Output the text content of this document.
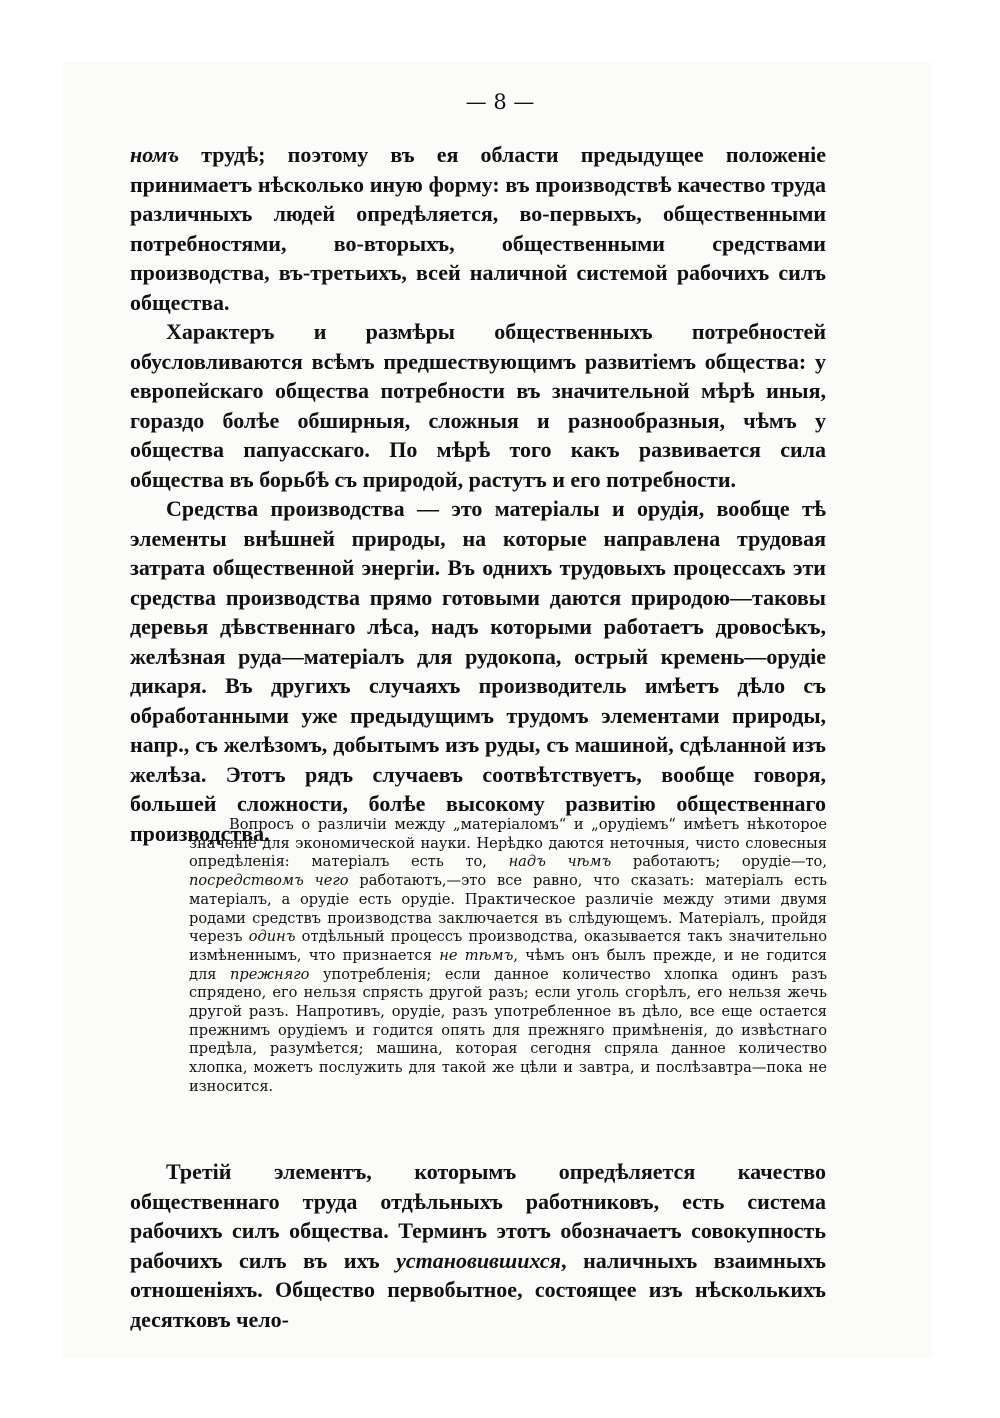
— 8 —

номъ трудѣ; поэтому въ ея области предыдущее положеніе принимаетъ нѣсколько иную форму: въ производствѣ качество труда различныхъ людей опредѣляется, во-первыхъ, общественными потребностями, во-вторыхъ, общественными средствами производства, въ-третьихъ, всей наличной системой рабочихъ силъ общества.

Характеръ и размѣры общественныхъ потребностей обусловливаются всѣмъ предшествующимъ развитіемъ общества: у европейскаго общества потребности въ значительной мѣрѣ иныя, гораздо болѣе обширныя, сложныя и разнообразныя, чѣмъ у общества папуасскаго. По мѣрѣ того какъ развивается сила общества въ борьбѣ съ природой, растутъ и его потребности.

Средства производства — это матеріалы и орудія, вообще тѣ элементы внѣшней природы, на которые направлена трудовая затрата общественной энергіи. Въ однихъ трудовыхъ процессахъ эти средства производства прямо готовыми даются природою—таковы деревья дѣвственнаго лѣса, надъ которыми работаетъ дровосѣкъ, желѣзная руда—матеріалъ для рудокопа, острый кремень—орудіе дикаря. Въ другихъ случаяхъ производитель имѣетъ дѣло съ обработанными уже предыдущимъ трудомъ элементами природы, напр., съ желѣзомъ, добытымъ изъ руды, съ машиной, сдѣланной изъ желѣза. Этотъ рядъ случаевъ соотвѣтствуетъ, вообще говоря, большей сложности, болѣе высокому развитію общественнаго производства.

Вопросъ о различіи между „матеріаломъ“ и „орудіемъ“ имѣетъ нѣкоторое значеніе для экономической науки. Нерѣдко даются неточныя, чисто словесныя опредѣленія: матеріалъ есть то, надъ чѣмъ работаютъ; орудіе—то, посредствомъ чего работаютъ,—это все равно, что сказать: матеріалъ есть матеріалъ, а орудіе есть орудіе. Практическое различіе между этими двумя родами средствъ производства заключается въ слѣдующемъ. Матеріалъ, пройдя черезъ одинъ отдѣльный процессъ производства, оказывается такъ значительно измѣненнымъ, что признается не тѣмъ, чѣмъ онъ былъ прежде, и не годится для прежняго употребленія; если данное количество хлопка одинъ разъ спрядено, его нельзя спрясть другой разъ; если уголь сгорѣлъ, его нельзя жечь другой разъ. Напротивъ, орудіе, разъ употребленное въ дѣло, все еще остается прежнимъ орудіемъ и годится опять для прежняго примѣненія, до извѣстнаго предѣла, разумѣется; машина, которая сегодня спряла данное количество хлопка, можетъ послужить для такой же цѣли и завтра, и послѣзавтра—пока не износится.

Третій элементъ, которымъ опредѣляется качество общественнаго труда отдѣльныхъ работниковъ, есть система рабочихъ силъ общества. Терминъ этотъ обозначаетъ совокупность рабочихъ силъ въ ихъ установившихся, наличныхъ взаимныхъ отношеніяхъ. Общество первобытное, состоящее изъ нѣсколькихъ десятковъ чело-
